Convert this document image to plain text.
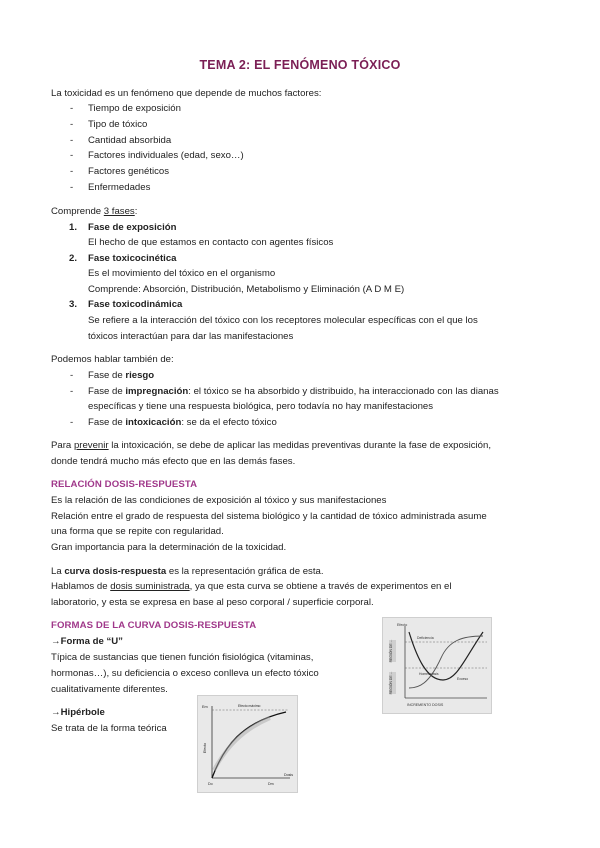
TEMA 2: EL FENÓMENO TÓXICO
La toxicidad es un fenómeno que depende de muchos factores:
- Tiempo de exposición
- Tipo de tóxico
- Cantidad absorbida
- Factores individuales (edad, sexo…)
- Factores genéticos
- Enfermedades
Comprende 3 fases:
1. Fase de exposición
El hecho de que estamos en contacto con agentes físicos
2. Fase toxicocinética
Es el movimiento del tóxico en el organismo
Comprende: Absorción, Distribución, Metabolismo y Eliminación (A D M E)
3. Fase toxicodinámica
Se refiere a la interacción del tóxico con los receptores molecular específicas con el que los
tóxicos interactúan para dar las manifestaciones
Podemos hablar también de:
- Fase de riesgo
- Fase de impregnación: el tóxico se ha absorbido y distribuido, ha interaccionado con las dianas
específicas y tiene una respuesta biológica, pero todavía no hay manifestaciones
- Fase de intoxicación: se da el efecto tóxico
Para prevenir la intoxicación, se debe de aplicar las medidas preventivas durante la fase de exposición,
donde tendrá mucho más efecto que en las demás fases.
RELACIÓN DOSIS-RESPUESTA
Es la relación de las condiciones de exposición al tóxico y sus manifestaciones
Relación entre el grado de respuesta del sistema biológico y la cantidad de tóxico administrada asume
una forma que se repite con regularidad.
Gran importancia para la determinación de la toxicidad.
La curva dosis-respuesta es la representación gráfica de esta.
Hablamos de dosis suministrada, ya que esta curva se obtiene a través de experimentos en el
laboratorio, y esta se expresa en base al peso corporal / superficie corporal.
FORMAS DE LA CURVA DOSIS-RESPUESTA
→Forma de “U”
Típica de sustancias que tienen función fisiológica (vitaminas,
hormonas…), su deficiencia o exceso conlleva un efecto tóxico
cualitativamente diferentes.
→Hipérbole
Se trata de la forma teórica
REGIÓN DE ...
REGIÓN DE ...
Efecto
Deficiencia
Exceso
Homeostasis
INCREMENTO DOSIS
Em
Efecto
Dosis
Do	Dm
Efecto máximo
